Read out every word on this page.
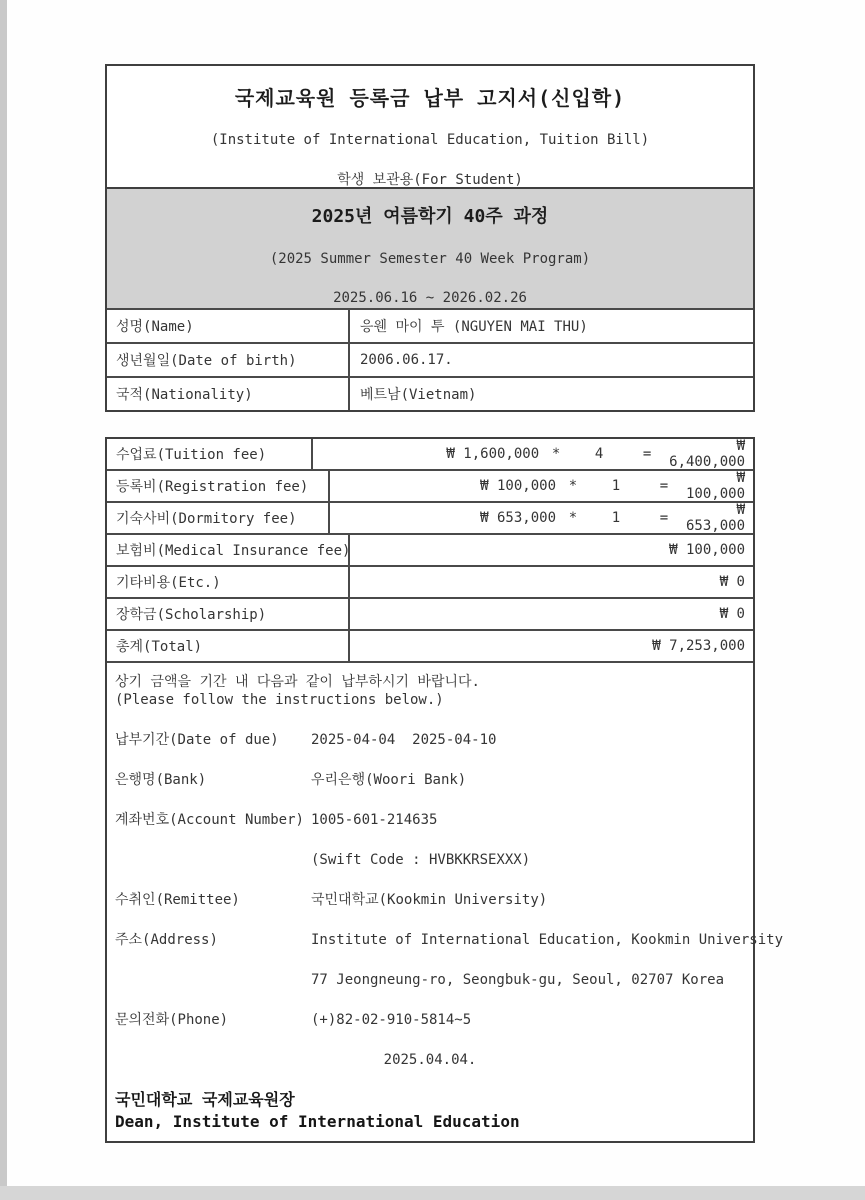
국제교육원 등록금 납부 고지서(신입학)
(Institute of International Education, Tuition Bill)
학생 보관용(For Student)
2025년 여름학기 40주 과정
(2025 Summer Semester 40 Week Program)
2025.06.16 ~ 2026.02.26
성명(Name)	응웬 마이 투 (NGUYEN MAI THU)
생년월일(Date of birth)	2006.06.17.
국적(Nationality)	베트남(Vietnam)
수업료(Tuition fee)	₩ 1,600,000 *	4	=	₩ 6,400,000
등록비(Registration fee)	₩ 100,000 *	1	=	₩ 100,000
기숙사비(Dormitory fee)	₩ 653,000 *	1	=	₩ 653,000
보험비(Medical Insurance fee)	₩ 100,000
기타비용(Etc.)	₩ 0
장학금(Scholarship)	₩ 0
총계(Total)	₩ 7,253,000
상기 금액을 기간 내 다음과 같이 납부하시기 바랍니다.
(Please follow the instructions below.)
납부기간(Date of due)	2025-04-04  2025-04-10
은행명(Bank)	우리은행(Woori Bank)
계좌번호(Account Number) 1005-601-214635
(Swift Code : HVBKKRSEXXX)
수취인(Remittee)	국민대학교(Kookmin University)
주소(Address)	Institute of International Education, Kookmin University
77 Jeongneung-ro, Seongbuk-gu, Seoul, 02707 Korea
문의전화(Phone)	(+)82-02-910-5814~5
2025.04.04.
국민대학교 국제교육원장
Dean, Institute of International Education
